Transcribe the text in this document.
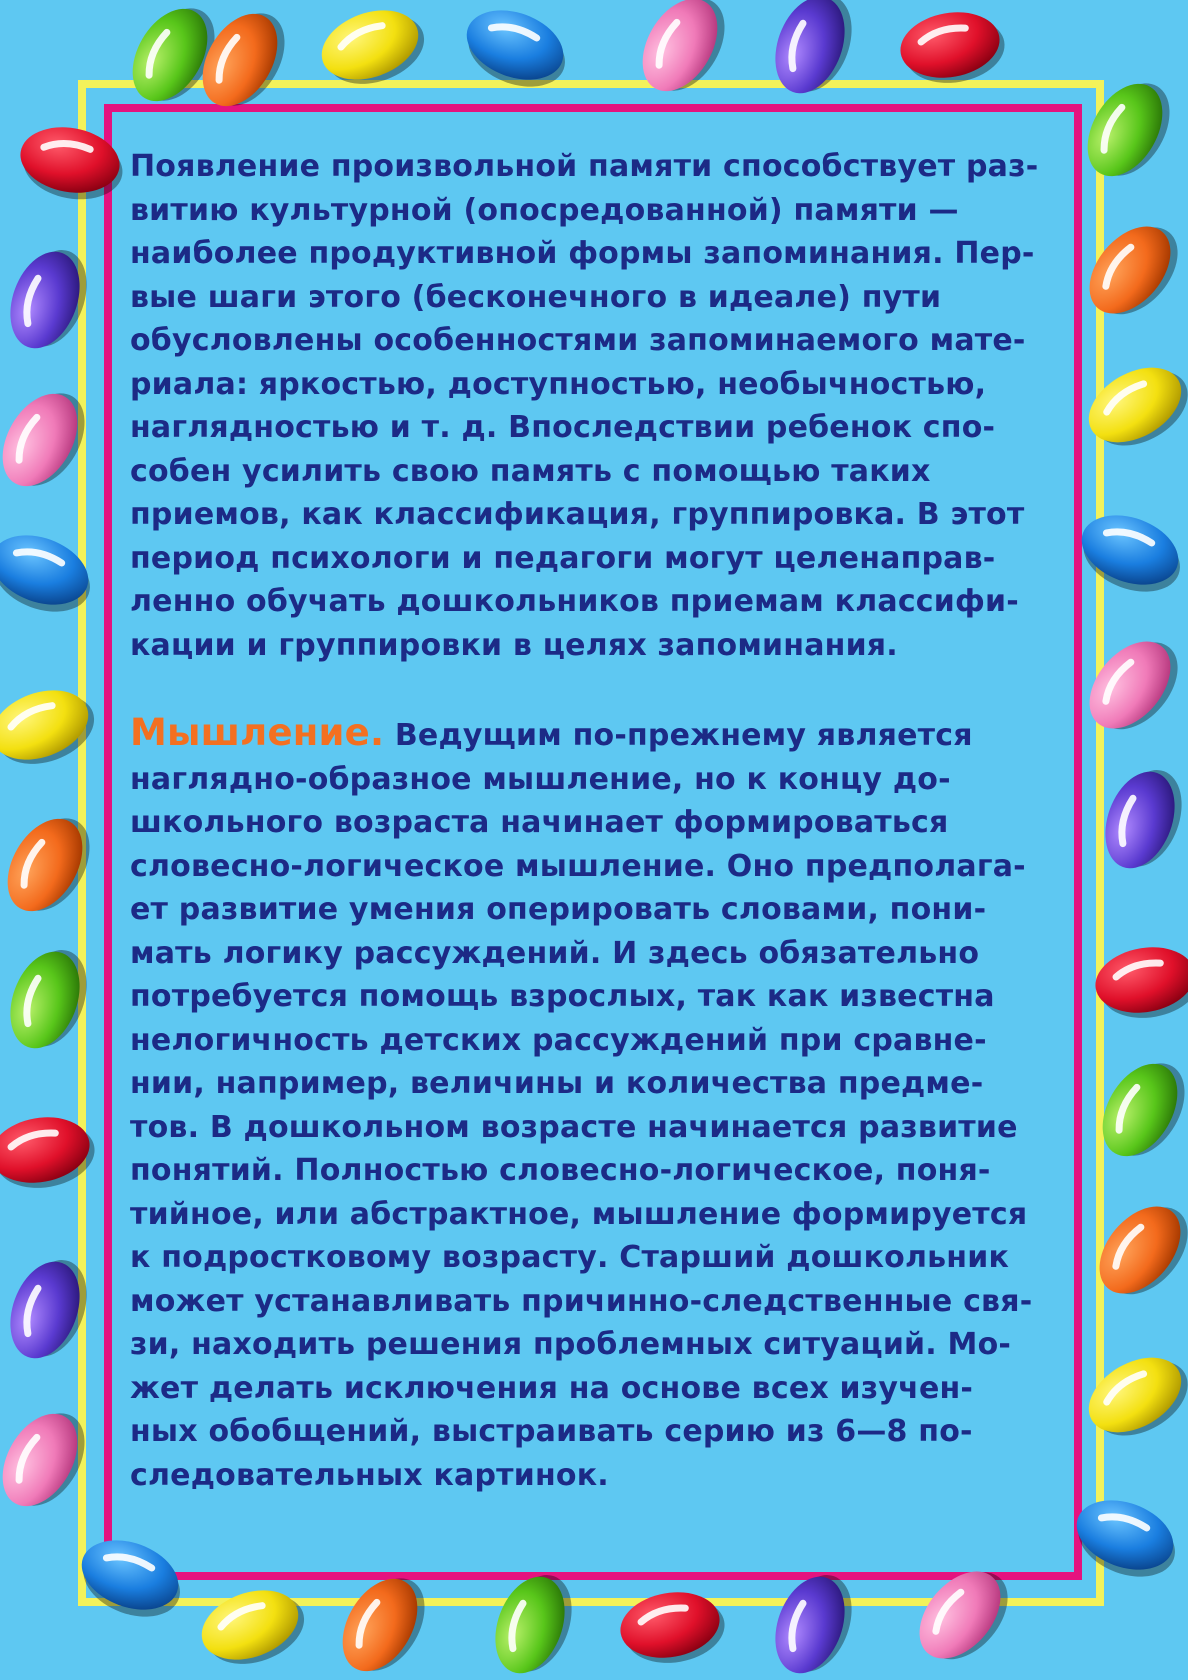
Появление произвольной памяти способствует раз-
витию культурной (опосредованной) памяти —
наиболее продуктивной формы запоминания. Пер-
вые шаги этого (бесконечного в идеале) пути
обусловлены особенностями запоминаемого мате-
риала: яркостью, доступностью, необычностью,
наглядностью и т. д. Впоследствии ребенок спо-
собен усилить свою память с помощью таких
приемов, как классификация, группировка. В этот
период психологи и педагоги могут целенаправ-
ленно обучать дошкольников приемам классифи-
кации и группировки в целях запоминания.

Мышление. Ведущим по-прежнему является
наглядно-образное мышление, но к концу до-
школьного возраста начинает формироваться
словесно-логическое мышление. Оно предполага-
ет развитие умения оперировать словами, пони-
мать логику рассуждений. И здесь обязательно
потребуется помощь взрослых, так как известна
нелогичность детских рассуждений при сравне-
нии, например, величины и количества предме-
тов. В дошкольном возрасте начинается развитие
понятий. Полностью словесно-логическое, поня-
тийное, или абстрактное, мышление формируется
к подростковому возрасту. Старший дошкольник
может устанавливать причинно-следственные свя-
зи, находить решения проблемных ситуаций. Мо-
жет делать исключения на основе всех изучен-
ных обобщений, выстраивать серию из 6—8 по-
следовательных картинок.
